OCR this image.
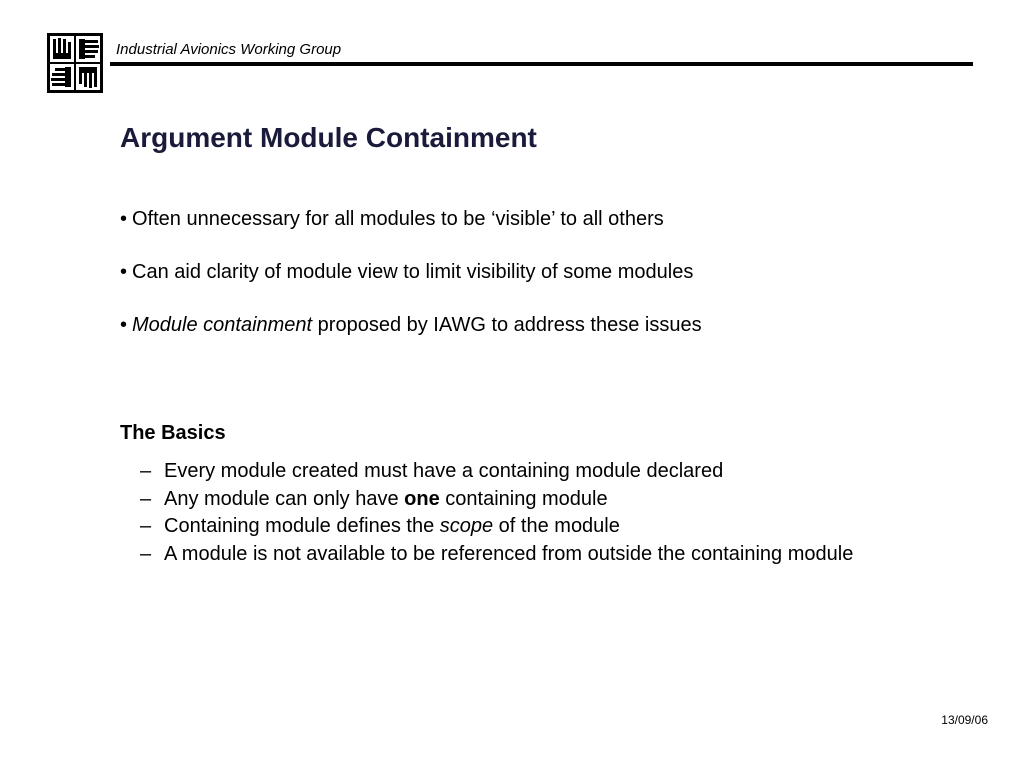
Industrial Avionics Working Group
Argument Module Containment
• Often unnecessary for all modules to be ‘visible’ to all others
• Can aid clarity of module view to limit visibility of some modules
• Module containment proposed by IAWG to address these issues
The Basics
– Every module created must have a containing module declared
– Any module can only have one containing module
– Containing module defines the scope of the module
– A module is not available to be referenced from outside the containing module
13/09/06
